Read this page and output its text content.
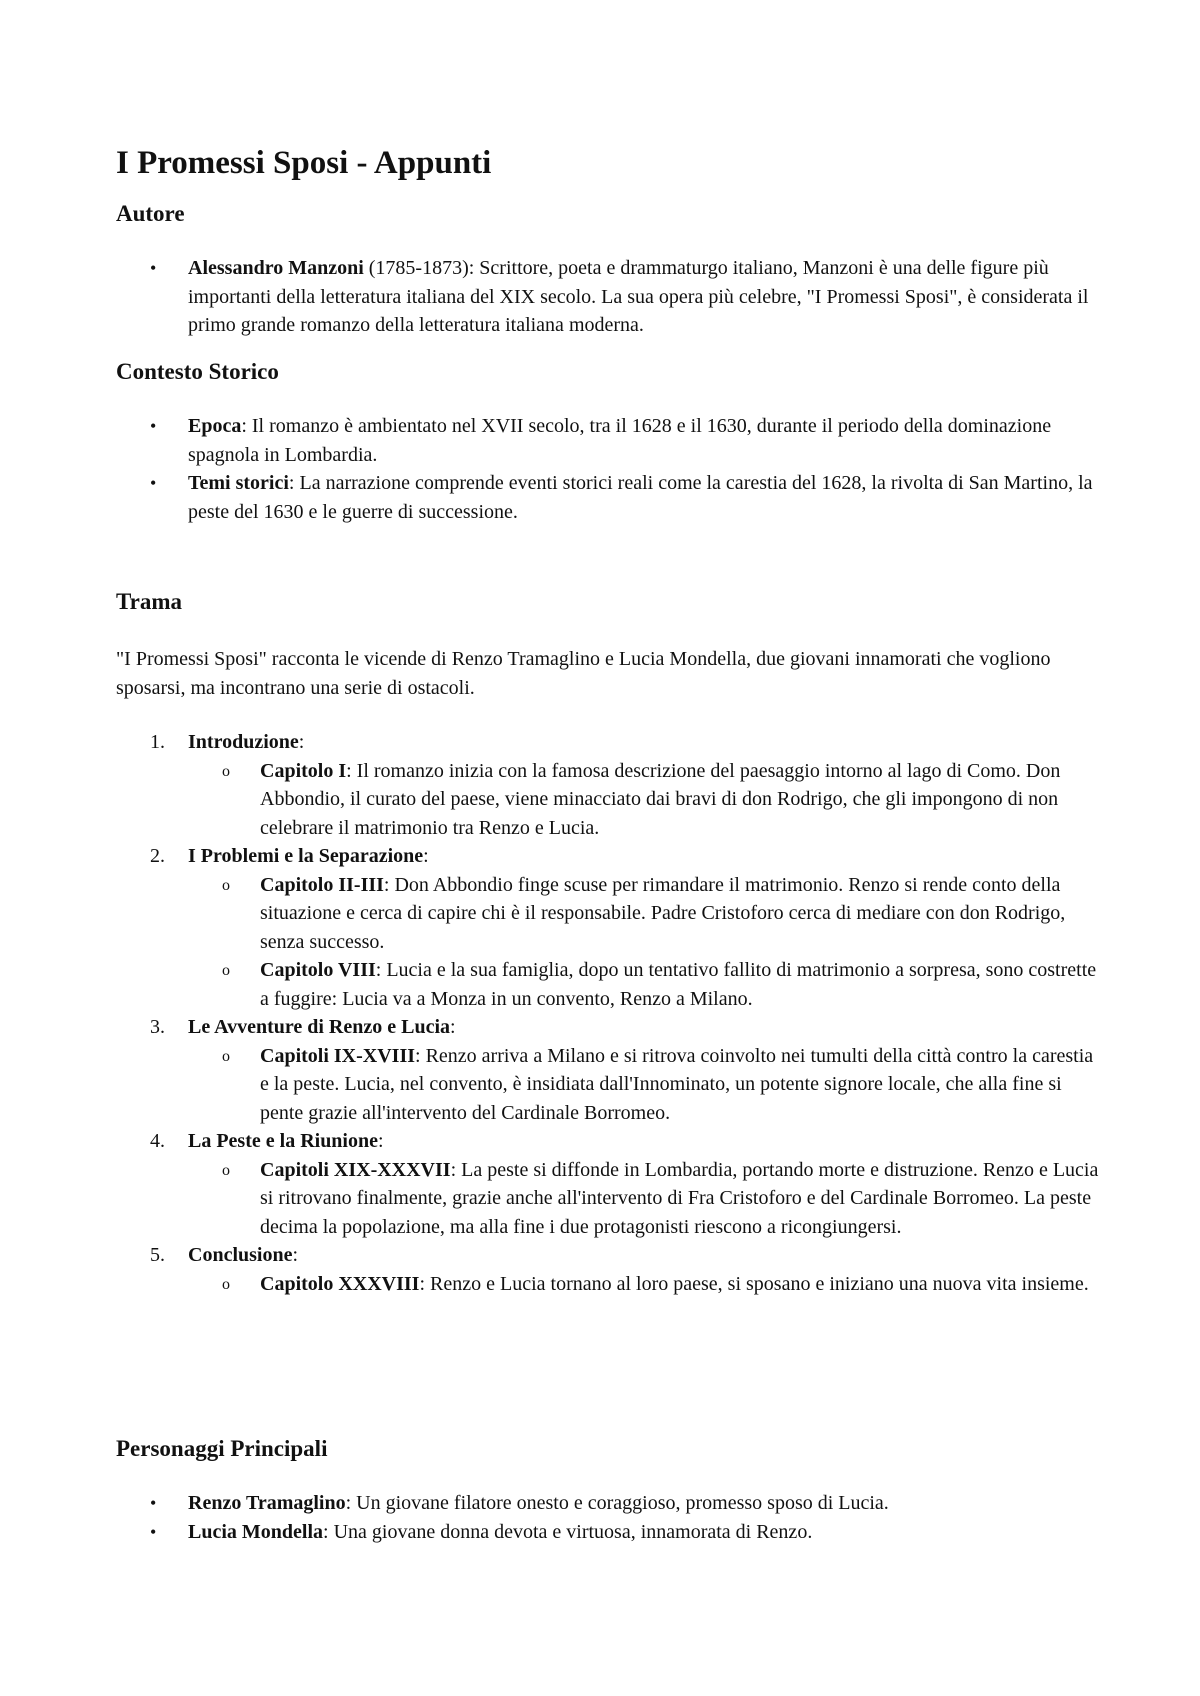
I Promessi Sposi - Appunti
Autore
• Alessandro Manzoni (1785-1873): Scrittore, poeta e drammaturgo italiano, Manzoni è una delle figure più importanti della letteratura italiana del XIX secolo. La sua opera più celebre, "I Promessi Sposi", è considerata il primo grande romanzo della letteratura italiana moderna.
Contesto Storico
• Epoca: Il romanzo è ambientato nel XVII secolo, tra il 1628 e il 1630, durante il periodo della dominazione spagnola in Lombardia.
• Temi storici: La narrazione comprende eventi storici reali come la carestia del 1628, la rivolta di San Martino, la peste del 1630 e le guerre di successione.
Trama

"I Promessi Sposi" racconta le vicende di Renzo Tramaglino e Lucia Mondella, due giovani innamorati che vogliono sposarsi, ma incontrano una serie di ostacoli.

1.	Introduzione:
o Capitolo I: Il romanzo inizia con la famosa descrizione del paesaggio intorno al lago di Como. Don Abbondio, il curato del paese, viene minacciato dai bravi di don Rodrigo, che gli impongono di non celebrare il matrimonio tra Renzo e Lucia.
2.	I Problemi e la Separazione:
o Capitolo II-III: Don Abbondio finge scuse per rimandare il matrimonio. Renzo si rende conto della situazione e cerca di capire chi è il responsabile. Padre Cristoforo cerca di mediare con don Rodrigo, senza successo.
o Capitolo VIII: Lucia e la sua famiglia, dopo un tentativo fallito di matrimonio a sorpresa, sono costrette a fuggire: Lucia va a Monza in un convento, Renzo a Milano.
3.	Le Avventure di Renzo e Lucia:
o Capitoli IX-XVIII: Renzo arriva a Milano e si ritrova coinvolto nei tumulti della città contro la carestia e la peste. Lucia, nel convento, è insidiata dall'Innominato, un potente signore locale, che alla fine si pente grazie all'intervento del Cardinale Borromeo.
4.	La Peste e la Riunione:
o Capitoli XIX-XXXVII: La peste si diffonde in Lombardia, portando morte e distruzione. Renzo e Lucia si ritrovano finalmente, grazie anche all'intervento di Fra Cristoforo e del Cardinale Borromeo. La peste decima la popolazione, ma alla fine i due protagonisti riescono a ricongiungersi.
5.	Conclusione:
o Capitolo XXXVIII: Renzo e Lucia tornano al loro paese, si sposano e iniziano una nuova vita insieme.
Personaggi Principali
• Renzo Tramaglino: Un giovane filatore onesto e coraggioso, promesso sposo di Lucia.
• Lucia Mondella: Una giovane donna devota e virtuosa, innamorata di Renzo.
